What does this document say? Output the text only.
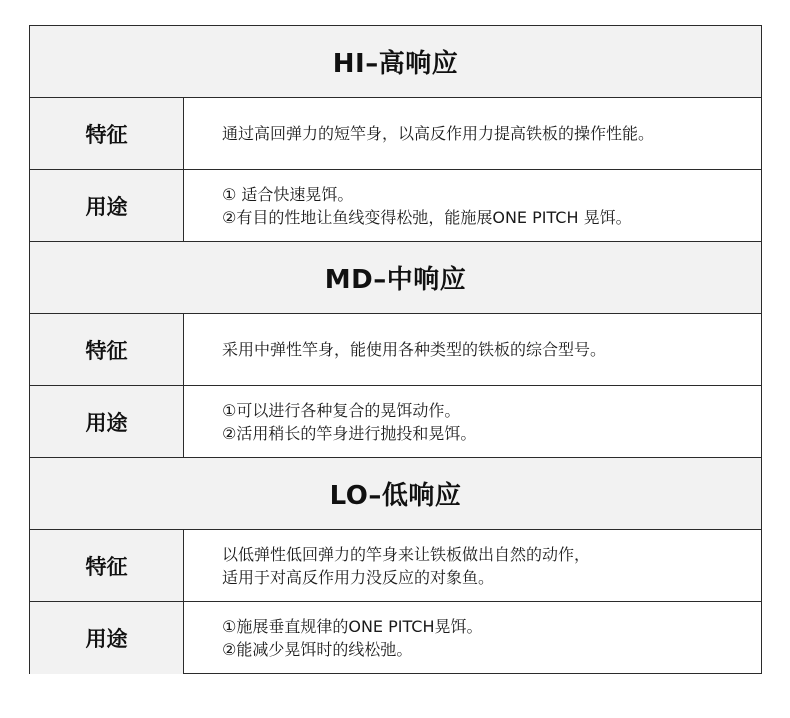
HI–高响应
特征	通过高回弹力的短竿身，以高反作用力提高铁板的操作性能。
用途
① 适合快速晃饵。
②有目的性地让鱼线变得松弛，能施展ONE PITCH 晃饵。
MD–中响应
特征	采用中弹性竿身，能使用各种类型的铁板的综合型号。
用途
①可以进行各种复合的晃饵动作。
②活用稍长的竿身进行抛投和晃饵。
LO–低响应
特征
以低弹性低回弹力的竿身来让铁板做出自然的动作，
适用于对高反作用力没反应的对象鱼。
用途
①施展垂直规律的ONE PITCH晃饵。
②能减少晃饵时的线松弛。
